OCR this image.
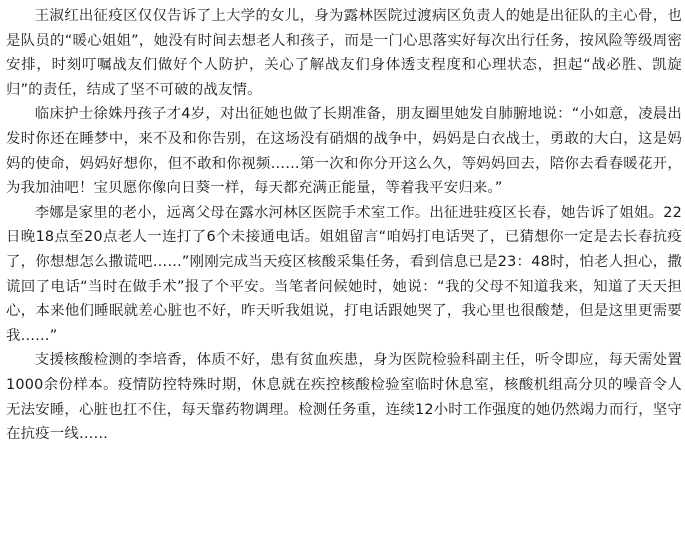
王淑红出征疫区仅仅告诉了上大学的女儿，身为露林医院过渡病区负责人的她是出征队的主心骨，也是队员的“暖心姐姐”，她没有时间去想老人和孩子，而是一门心思落实好每次出行任务，按风险等级周密安排，时刻叮嘱战友们做好个人防护，关心了解战友们身体透支程度和心理状态，担起“战必胜、凯旋归”的责任，结成了坚不可破的战友情。

临床护士徐姝丹孩子才4岁，对出征她也做了长期准备，朋友圈里她发自肺腑地说：“小如意，凌晨出发时你还在睡梦中，来不及和你告别，在这场没有硝烟的战争中，妈妈是白衣战士，勇敢的大白，这是妈妈的使命，妈妈好想你，但不敢和你视频……第一次和你分开这么久，等妈妈回去，陪你去看春暖花开，为我加油吧！宝贝愿你像向日葵一样，每天都充满正能量，等着我平安归来。”

李娜是家里的老小，远离父母在露水河林区医院手术室工作。出征进驻疫区长春，她告诉了姐姐。22日晚18点至20点老人一连打了6个未接通电话。姐姐留言“咱妈打电话哭了，已猜想你一定是去长春抗疫了，你想想怎么撒谎吧……”刚刚完成当天疫区核酸采集任务，看到信息已是23：48时，怕老人担心，撒谎回了电话“当时在做手术”报了个平安。当笔者问候她时，她说：“我的父母不知道我来，知道了天天担心，本来他们睡眠就差心脏也不好，昨天听我姐说，打电话跟她哭了，我心里也很酸楚，但是这里更需要我……”

支援核酸检测的李培香，体质不好，患有贫血疾患，身为医院检验科副主任，听令即应，每天需处置1000余份样本。疫情防控特殊时期，休息就在疾控核酸检验室临时休息室，核酸机组高分贝的噪音令人无法安睡，心脏也扛不住，每天靠药物调理。检测任务重，连续12小时工作强度的她仍然竭力而行，坚守在抗疫一线……
